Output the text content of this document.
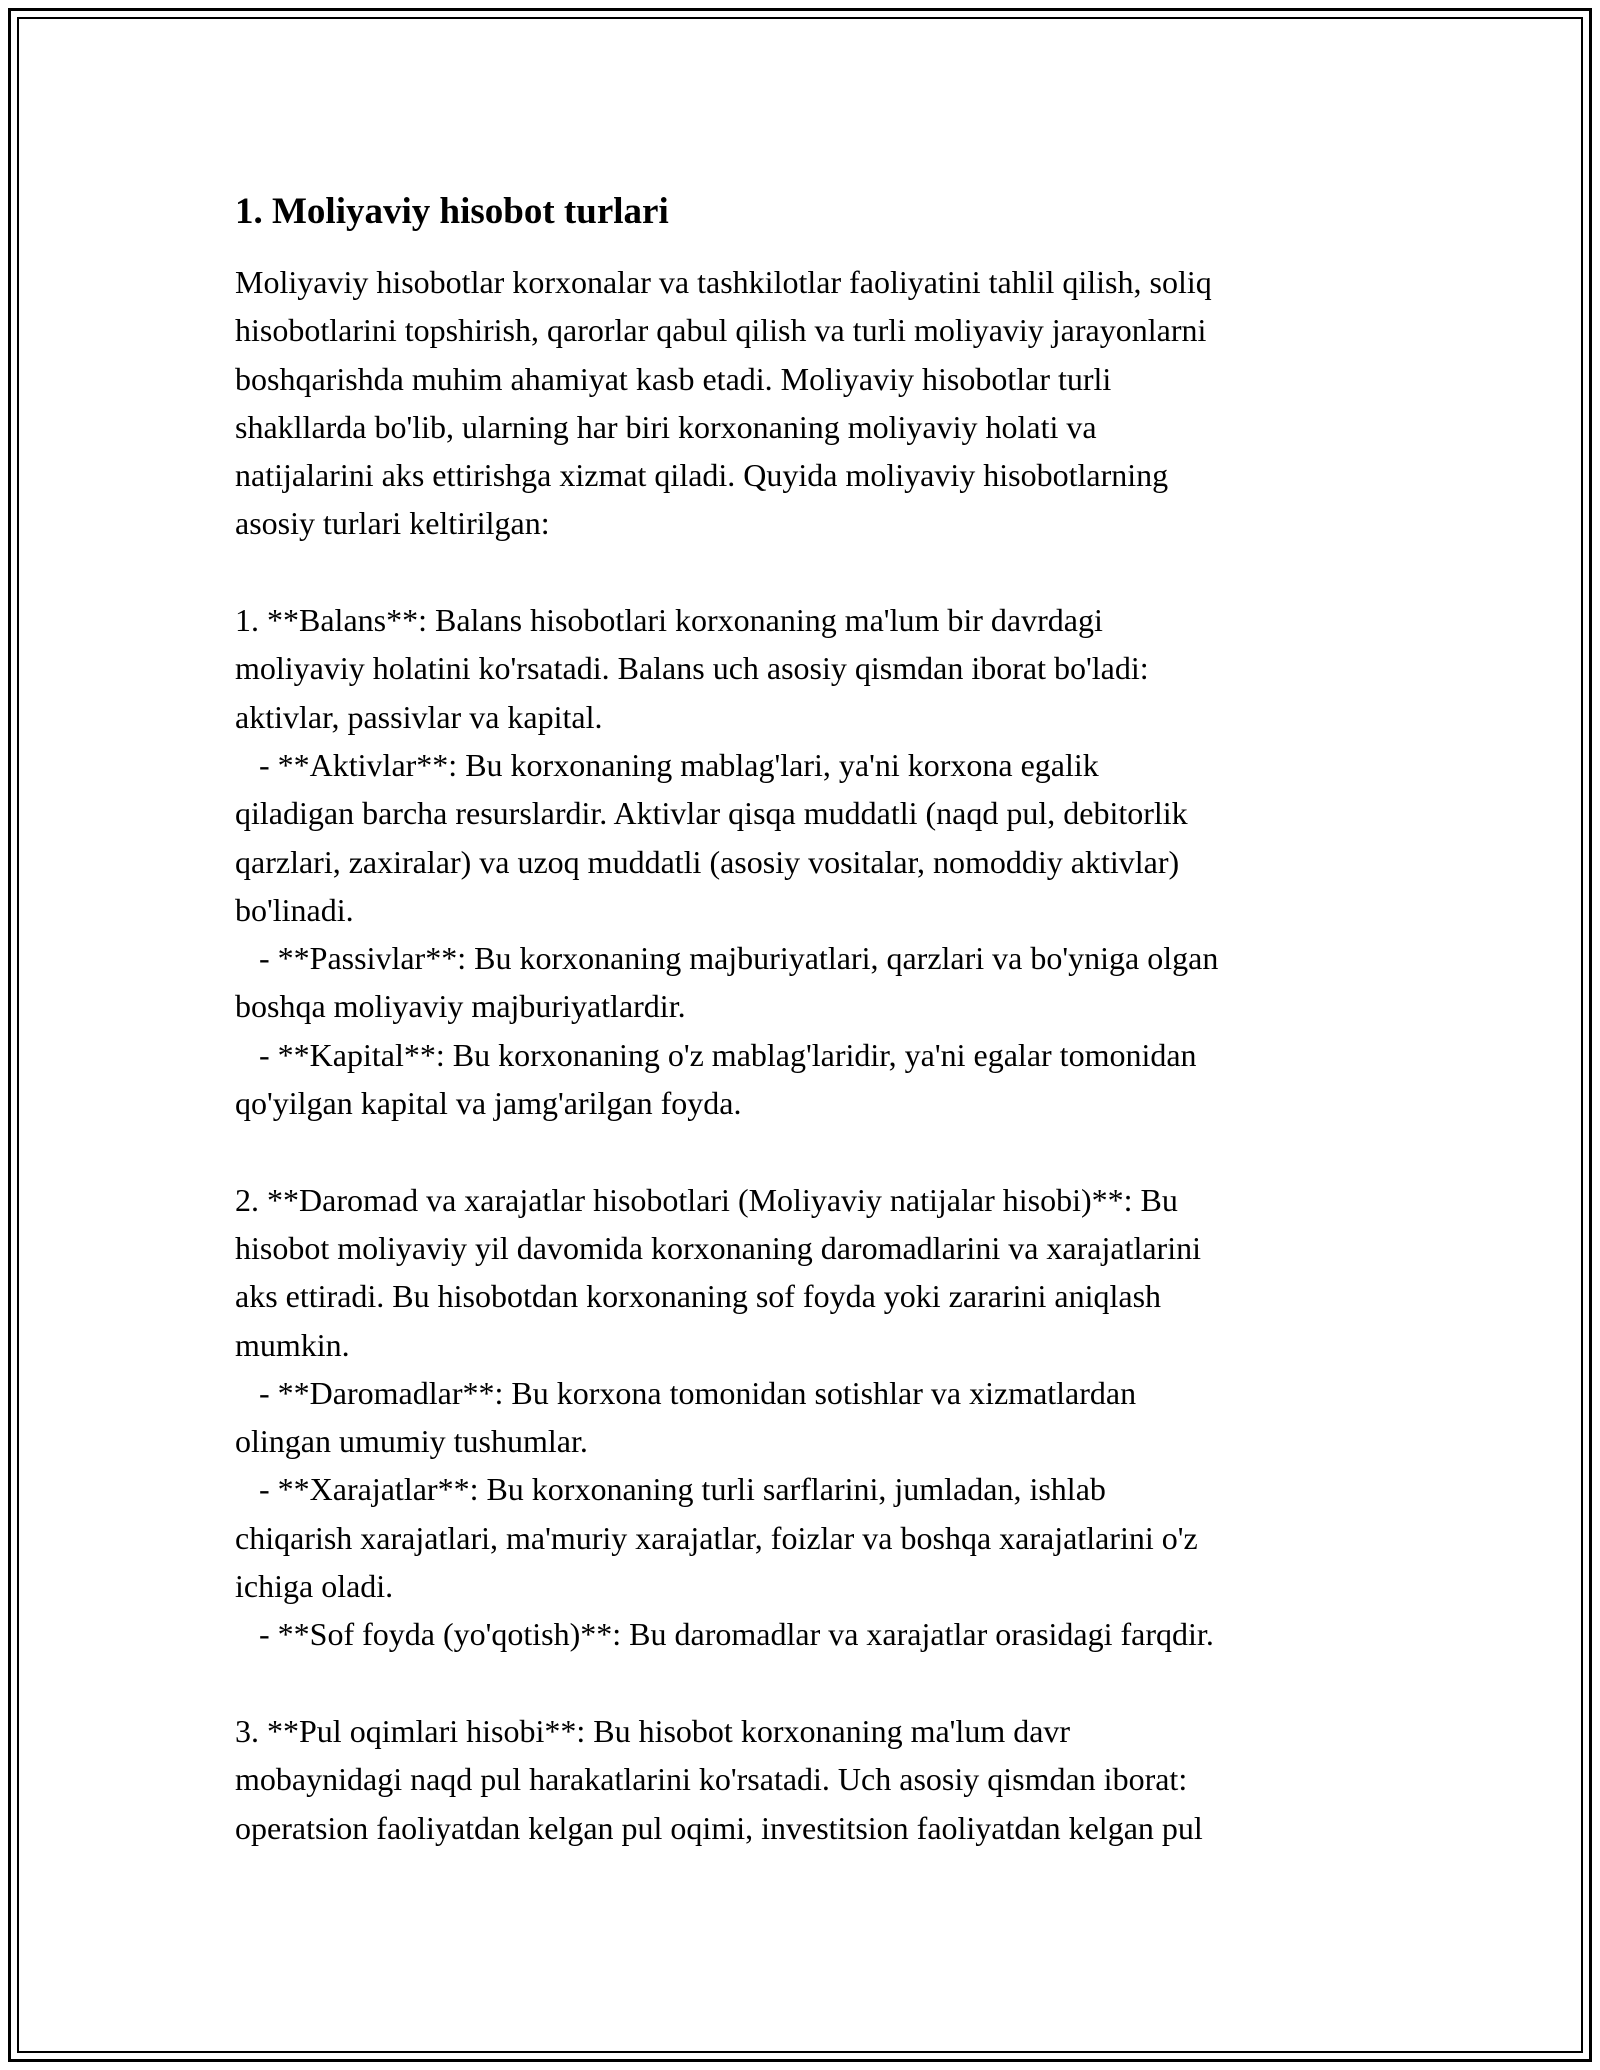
1. Moliyaviy hisobot turlari
Moliyaviy hisobotlar korxonalar va tashkilotlar faoliyatini tahlil qilish, soliq
hisobotlarini topshirish, qarorlar qabul qilish va turli moliyaviy jarayonlarni
boshqarishda muhim ahamiyat kasb etadi. Moliyaviy hisobotlar turli
shakllarda bo'lib, ularning har biri korxonaning moliyaviy holati va
natijalarini aks ettirishga xizmat qiladi. Quyida moliyaviy hisobotlarning
asosiy turlari keltirilgan:
1. **Balans**: Balans hisobotlari korxonaning ma'lum bir davrdagi
moliyaviy holatini ko'rsatadi. Balans uch asosiy qismdan iborat bo'ladi:
aktivlar, passivlar va kapital.
- **Aktivlar**: Bu korxonaning mablag'lari, ya'ni korxona egalik
qiladigan barcha resurslardir. Aktivlar qisqa muddatli (naqd pul, debitorlik
qarzlari, zaxiralar) va uzoq muddatli (asosiy vositalar, nomoddiy aktivlar)
bo'linadi.
- **Passivlar**: Bu korxonaning majburiyatlari, qarzlari va bo'yniga olgan
boshqa moliyaviy majburiyatlardir.
- **Kapital**: Bu korxonaning o'z mablag'laridir, ya'ni egalar tomonidan
qo'yilgan kapital va jamg'arilgan foyda.
2. **Daromad va xarajatlar hisobotlari (Moliyaviy natijalar hisobi)**: Bu
hisobot moliyaviy yil davomida korxonaning daromadlarini va xarajatlarini
aks ettiradi. Bu hisobotdan korxonaning sof foyda yoki zararini aniqlash
mumkin.
- **Daromadlar**: Bu korxona tomonidan sotishlar va xizmatlardan
olingan umumiy tushumlar.
- **Xarajatlar**: Bu korxonaning turli sarflarini, jumladan, ishlab
chiqarish xarajatlari, ma'muriy xarajatlar, foizlar va boshqa xarajatlarini o'z
ichiga oladi.
- **Sof foyda (yo'qotish)**: Bu daromadlar va xarajatlar orasidagi farqdir.
3. **Pul oqimlari hisobi**: Bu hisobot korxonaning ma'lum davr
mobaynidagi naqd pul harakatlarini ko'rsatadi. Uch asosiy qismdan iborat:
operatsion faoliyatdan kelgan pul oqimi, investitsion faoliyatdan kelgan pul
